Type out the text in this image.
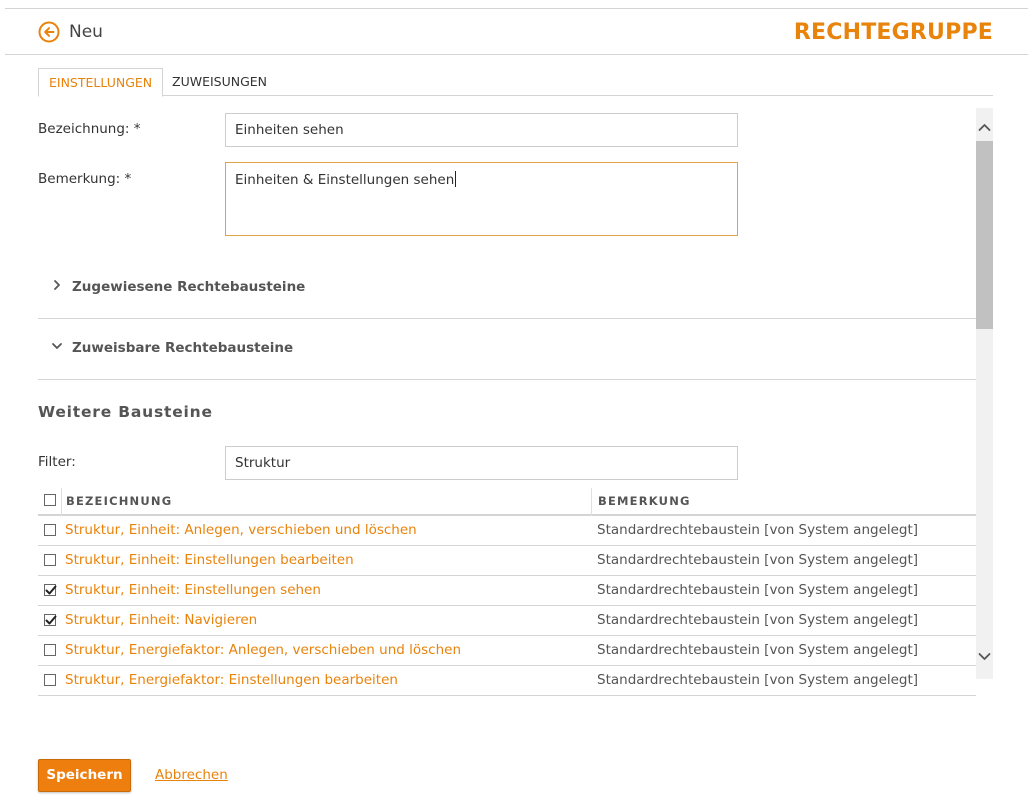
Neu	RECHTEGRUPPE
EINSTELLUNGEN	ZUWEISUNGEN
Bezeichnung: *	Einheiten sehen
Bemerkung: *	Einheiten & Einstellungen sehen
Zugewiesene Rechtebausteine
Zuweisbare Rechtebausteine
Weitere Bausteine
Filter:	Struktur
BEZEICHNUNG	BEMERKUNG
Struktur, Einheit: Anlegen, verschieben und löschen	Standardrechtebaustein [von System angelegt]
Struktur, Einheit: Einstellungen bearbeiten	Standardrechtebaustein [von System angelegt]
Struktur, Einheit: Einstellungen sehen	Standardrechtebaustein [von System angelegt]
Struktur, Einheit: Navigieren	Standardrechtebaustein [von System angelegt]
Struktur, Energiefaktor: Anlegen, verschieben und löschen	Standardrechtebaustein [von System angelegt]
Struktur, Energiefaktor: Einstellungen bearbeiten	Standardrechtebaustein [von System angelegt]
Speichern	Abbrechen
